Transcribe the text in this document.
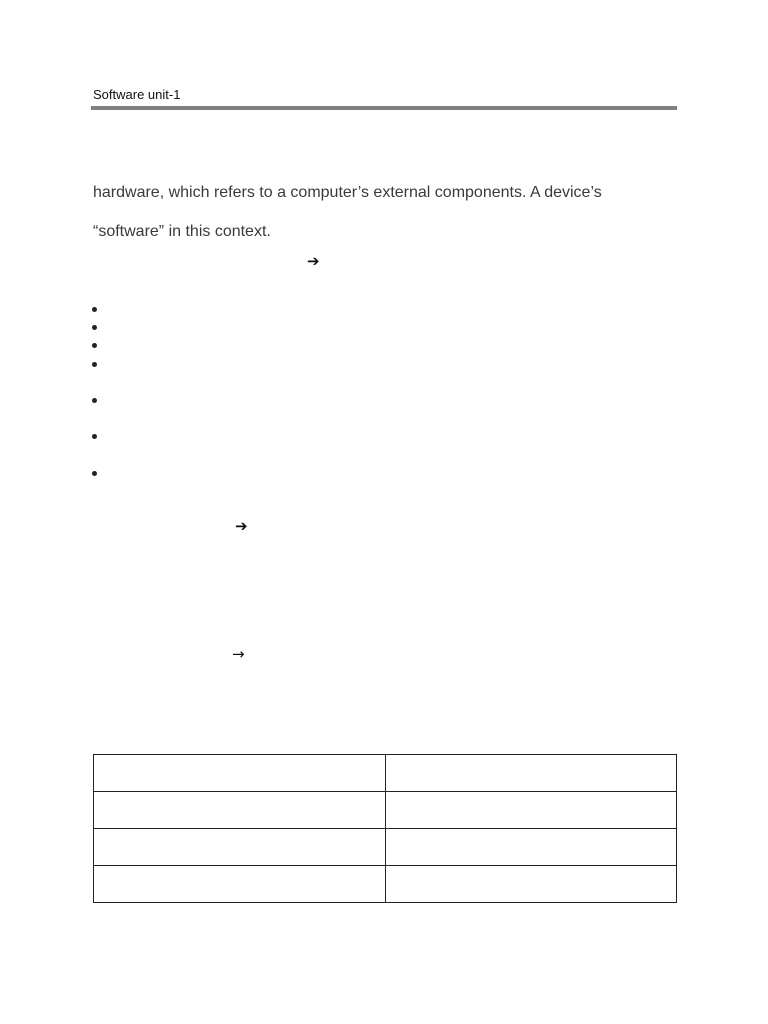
Software unit-1
hardware, which refers to a computer’s external components. A device’s
“software” in this context.
➔
➔
→
